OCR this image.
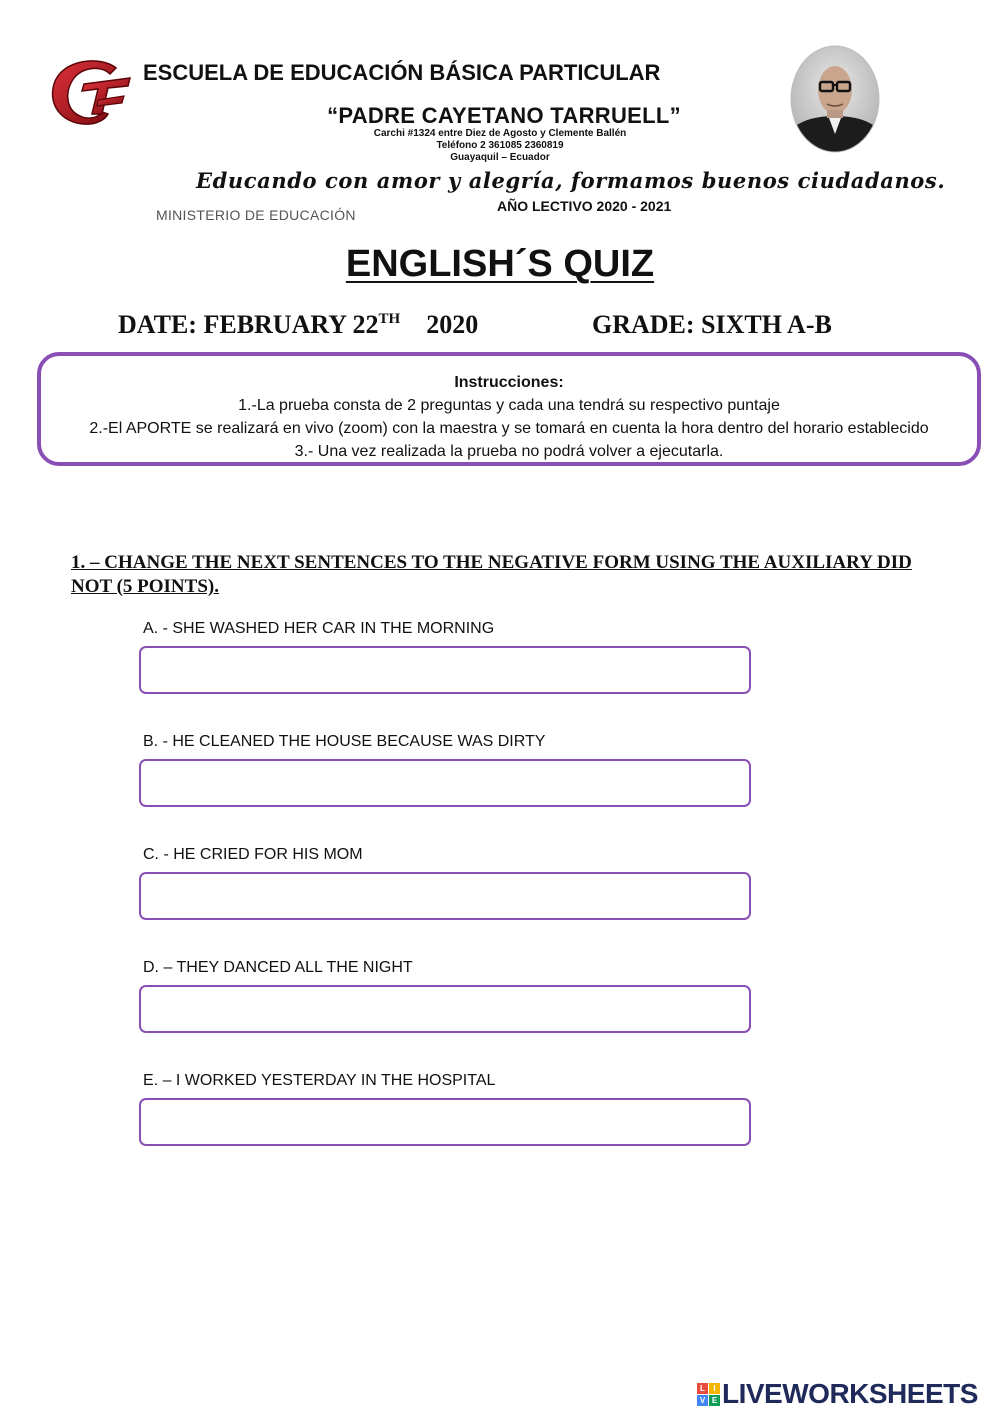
ESCUELA DE EDUCACIÓN BÁSICA PARTICULAR
“PADRE CAYETANO TARRUELL”
Carchi #1324 entre Diez de Agosto y Clemente Ballén
Teléfono 2 361085 2360819
Guayaquil – Ecuador
Educando con amor y alegría, formamos buenos ciudadanos.
MINISTERIO DE EDUCACIÓN
AÑO LECTIVO 2020 - 2021
ENGLISH´S QUIZ
DATE: FEBRUARY 22TH 2020	GRADE: SIXTH A-B
Instrucciones:
1.-La prueba consta de 2 preguntas y cada una tendrá su respectivo puntaje
2.-El APORTE se realizará en vivo (zoom) con la maestra y se tomará en cuenta la hora dentro del horario establecido
3.- Una vez realizada la prueba no podrá volver a ejecutarla.
1. – CHANGE THE NEXT SENTENCES TO THE NEGATIVE FORM USING THE AUXILIARY DID NOT (5 POINTS).
A. - SHE WASHED HER CAR IN THE MORNING
B. - HE CLEANED THE HOUSE BECAUSE WAS DIRTY
C. - HE CRIED FOR HIS MOM
D. – THEY DANCED ALL THE NIGHT
E. – I WORKED YESTERDAY IN THE HOSPITAL
L	I
V E LIVEWORKSHEETS
